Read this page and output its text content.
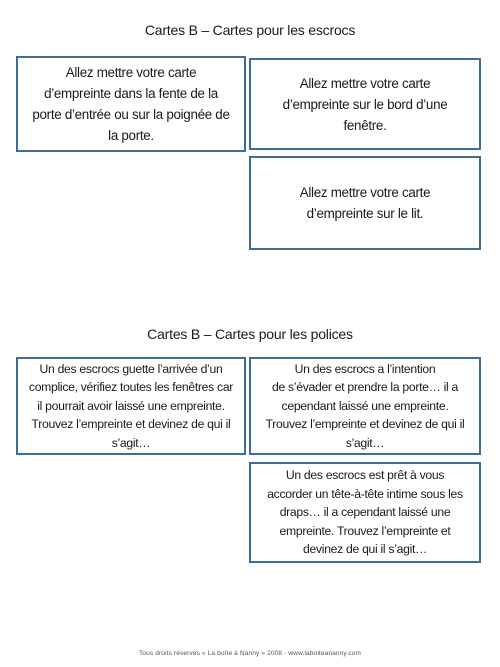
Cartes B – Cartes pour les escrocs
Allez mettre votre carte
d’empreinte dans la fente de la
porte d’entrée ou sur la poignée de
la porte.
Allez mettre votre carte
d’empreinte sur le bord d’une
fenêtre.
Allez mettre votre carte
d’empreinte sur le lit.
Cartes B – Cartes pour les polices
Un des escrocs guette l’arrivée d’un
complice, vérifiez toutes les fenêtres car
il pourrait avoir laissé une empreinte.
Trouvez l’empreinte et devinez de qui il
s’agit…
Un des escrocs a l’intention
de s’évader et prendre la porte… il a
cependant laissé une empreinte.
Trouvez l’empreinte et devinez de qui il
s’agit…
Un des escrocs est prêt à vous
accorder un tête-à-tête intime sous les
draps… il a cependant laissé une
empreinte. Trouvez l’empreinte et
devinez de qui il s’agit…
Tous droits réservés « La boîte à Nanny » 2008 - www.laboiteananny.com
